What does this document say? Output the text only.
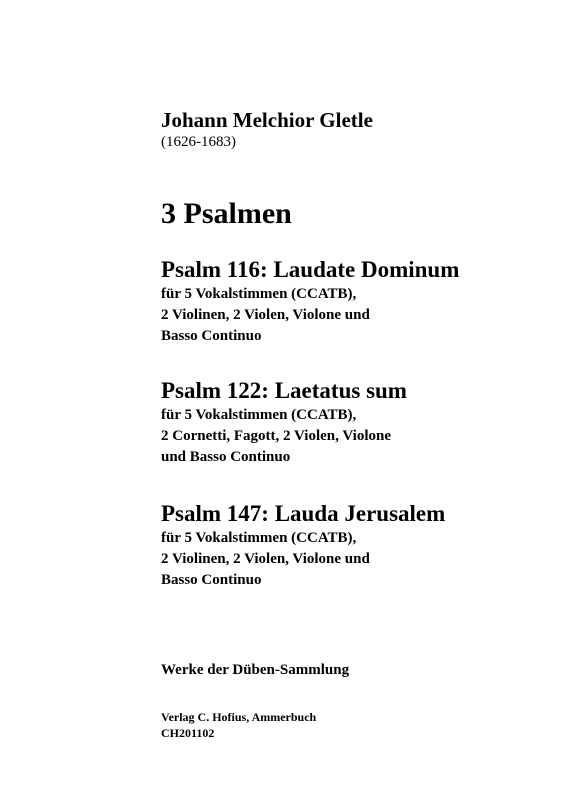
Johann Melchior Gletle
(1626-1683)
3 Psalmen
Psalm 116: Laudate Dominum
für 5 Vokalstimmen (CCATB),
2 Violinen, 2 Violen, Violone und
Basso Continuo
Psalm 122: Laetatus sum
für 5 Vokalstimmen (CCATB),
2 Cornetti, Fagott, 2 Violen, Violone
und Basso Continuo
Psalm 147: Lauda Jerusalem
für 5 Vokalstimmen (CCATB),
2 Violinen, 2 Violen, Violone und
Basso Continuo
Werke der Düben-Sammlung
Verlag C. Hofius, Ammerbuch
CH201102
